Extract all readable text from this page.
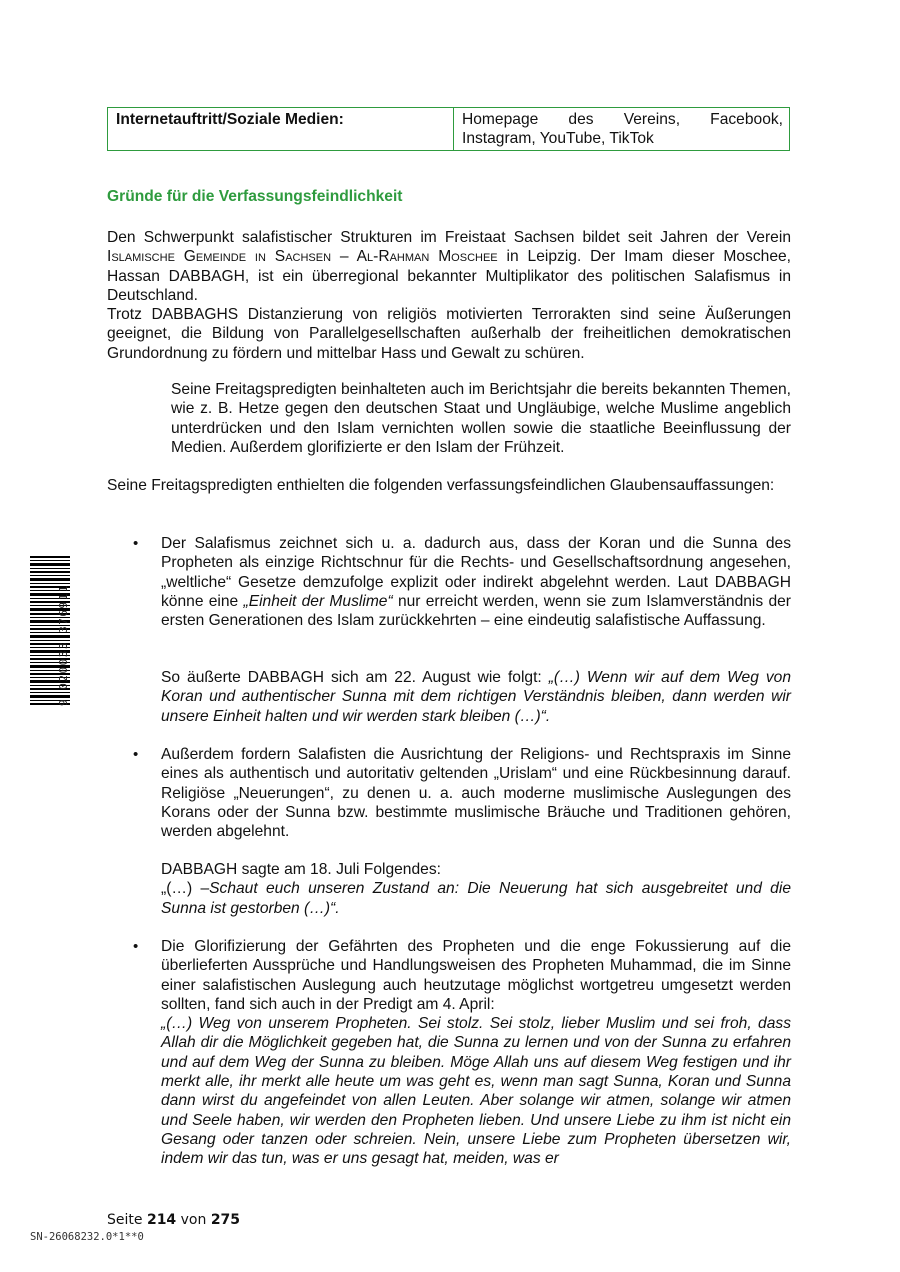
Internetauftritt/Soziale Medien:	Homepage des Vereins, Facebook, Instagram, YouTube, TikTok
Gründe für die Verfassungsfeindlichkeit
Den Schwerpunkt salafistischer Strukturen im Freistaat Sachsen bildet seit Jahren der Verein Islamische Gemeinde in Sachsen – Al-Rahman Moschee in Leipzig. Der Imam dieser Moschee, Hassan DABBAGH, ist ein überregional bekannter Multiplikator des politischen Salafismus in Deutschland.
Trotz DABBAGHS Distanzierung von religiös motivierten Terrorakten sind seine Äußerungen geeignet, die Bildung von Parallelgesellschaften außerhalb der freiheitlichen demokratischen Grundordnung zu fördern und mittelbar Hass und Gewalt zu schüren.
Seine Freitagspredigten beinhalteten auch im Berichtsjahr die bereits bekannten Themen, wie z. B. Hetze gegen den deutschen Staat und Ungläubige, welche Muslime angeblich unterdrücken und den Islam vernichten wollen sowie die staatliche Beeinflussung der Medien. Außerdem glorifizierte er den Islam der Frühzeit.
Seine Freitagspredigten enthielten die folgenden verfassungsfeindlichen Glaubensauffassungen:
• Der Salafismus zeichnet sich u. a. dadurch aus, dass der Koran und die Sunna des Propheten als einzige Richtschnur für die Rechts- und Gesellschaftsordnung angesehen, „weltliche“ Gesetze demzufolge explizit oder indirekt abgelehnt werden. Laut DABBAGH könne eine „Einheit der Muslime“ nur erreicht werden, wenn sie zum Islamverständnis der ersten Generationen des Islam zurückkehrten – eine eindeutig salafistische Auffassung.
So äußerte DABBAGH sich am 22. August wie folgt: „(…) Wenn wir auf dem Weg von Koran und authentischer Sunna mit dem richtigen Verständnis bleiben, dann werden wir unsere Einheit halten und wir werden stark bleiben (…)“.
• Außerdem fordern Salafisten die Ausrichtung der Religions- und Rechtspraxis im Sinne eines als authentisch und autoritativ geltenden „Urislam“ und eine Rückbesinnung darauf. Religiöse „Neuerungen“, zu denen u. a. auch moderne muslimische Auslegungen des Korans oder der Sunna bzw. bestimmte muslimische Bräuche und Traditionen gehören, werden abgelehnt.
DABBAGH sagte am 18. Juli Folgendes:
„(…) –Schaut euch unseren Zustand an: Die Neuerung hat sich ausgebreitet und die Sunna ist gestorben (…)“.
• Die Glorifizierung der Gefährten des Propheten und die enge Fokussierung auf die überlieferten Aussprüche und Handlungsweisen des Propheten Muhammad, die im Sinne einer salafistischen Auslegung auch heutzutage möglichst wortgetreu umgesetzt werden sollten, fand sich auch in der Predigt am 4. April:
„(…) Weg von unserem Propheten. Sei stolz. Sei stolz, lieber Muslim und sei froh, dass Allah dir die Möglichkeit gegeben hat, die Sunna zu lernen und von der Sunna zu erfahren und auf dem Weg der Sunna zu bleiben. Möge Allah uns auf diesem Weg festigen und ihr merkt alle, ihr merkt alle heute um was geht es, wenn man sagt Sunna, Koran und Sunna dann wirst du angefeindet von allen Leuten. Aber solange wir atmen, solange wir atmen und Seele haben, wir werden den Propheten lieben. Und unsere Liebe zu ihm ist nicht ein Gesang oder tanzen oder schreien. Nein, unsere Liebe zum Propheten übersetzen wir, indem wir das tun, was er uns gesagt hat, meiden, was er
9 020033 376911
Seite 214 von 275
SN-26068232.0*1**0
